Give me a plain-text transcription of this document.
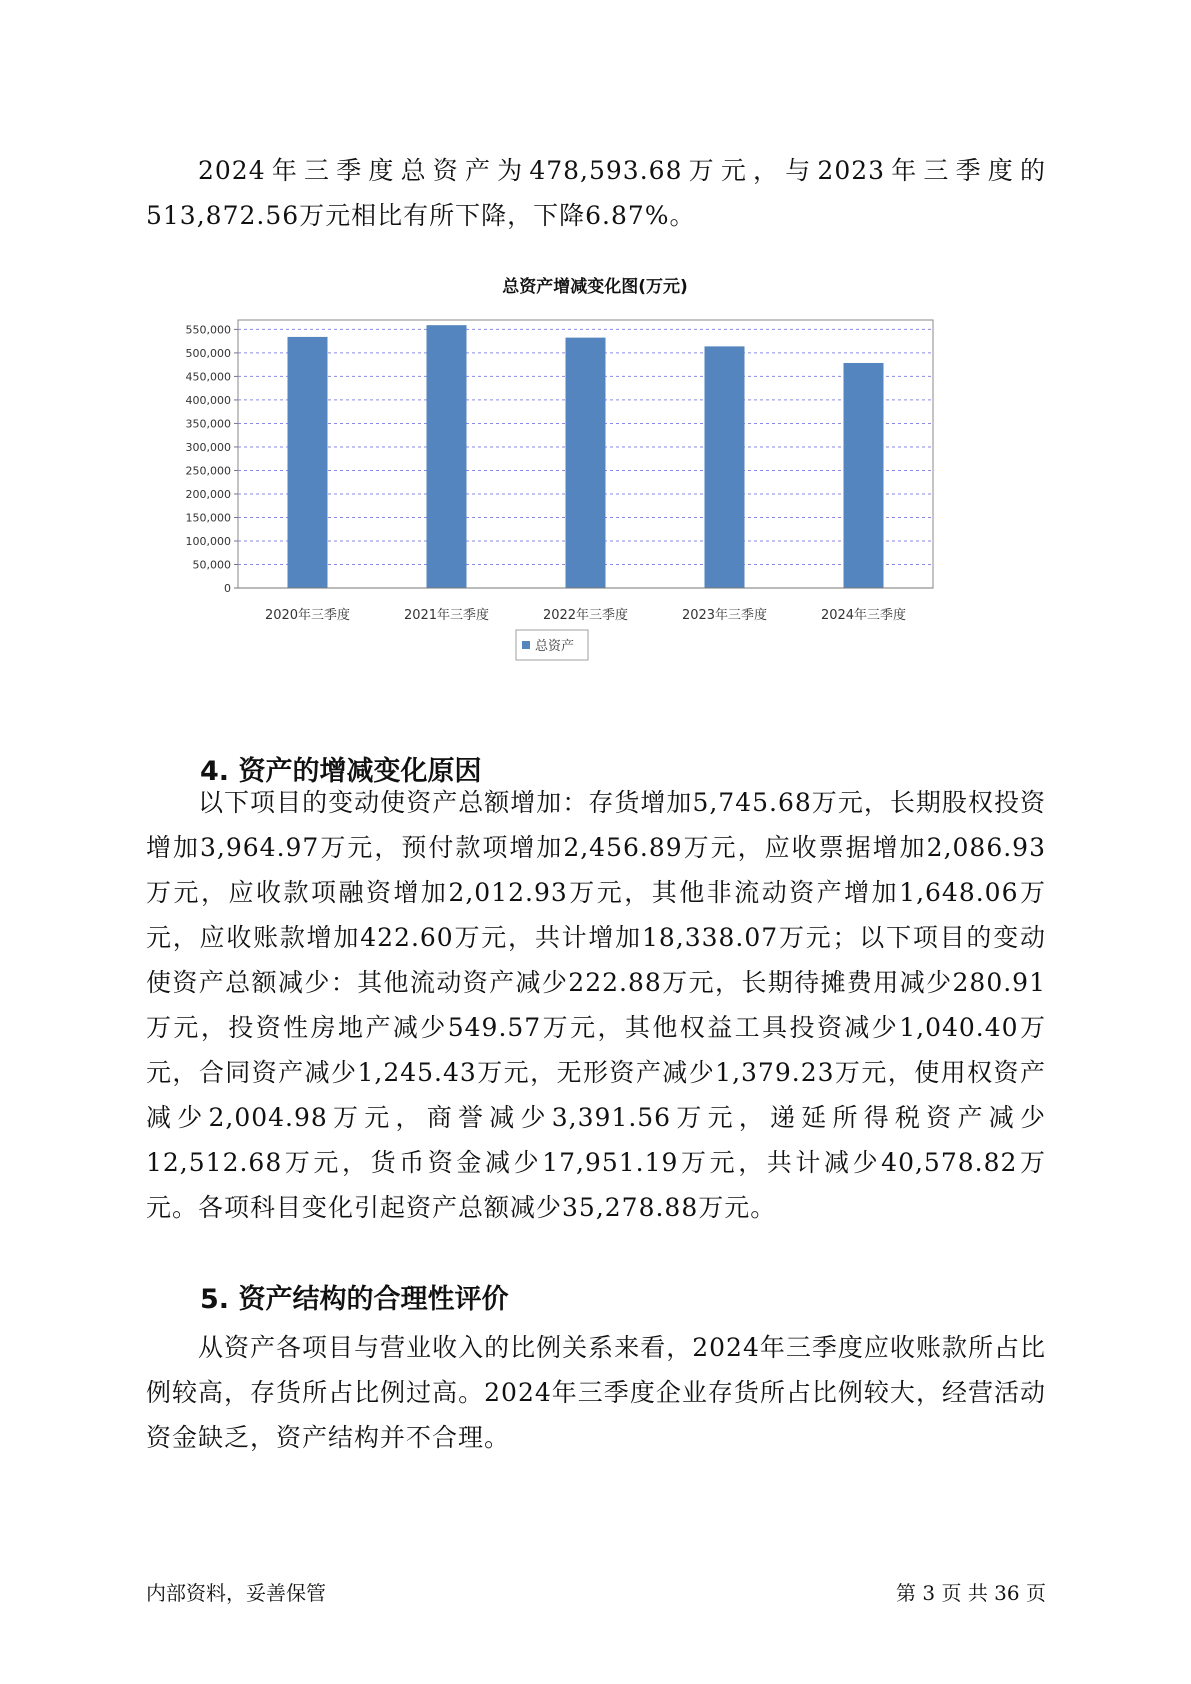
2024年三季度总资产为478,593.68万元，与2023年三季度的513,872.56万元相比有所下降，下降6.87%。

总资产增减变化图(万元)
0
50,000
100,000
150,000
200,000
250,000
300,000
350,000
400,000
450,000
500,000
550,000
2020年三季度	2021年三季度	2022年三季度	2023年三季度	2024年三季度
总资产
4. 资产的增减变化原因

以下项目的变动使资产总额增加：存货增加5,745.68万元，长期股权投资增加3,964.97万元，预付款项增加2,456.89万元，应收票据增加2,086.93万元，应收款项融资增加2,012.93万元，其他非流动资产增加1,648.06万元，应收账款增加422.60万元，共计增加18,338.07万元；以下项目的变动使资产总额减少：其他流动资产减少222.88万元，长期待摊费用减少280.91万元，投资性房地产减少549.57万元，其他权益工具投资减少1,040.40万元，合同资产减少1,245.43万元，无形资产减少1,379.23万元，使用权资产减少2,004.98万元，商誉减少3,391.56万元，递延所得税资产减少12,512.68万元，货币资金减少17,951.19万元，共计减少40,578.82万元。各项科目变化引起资产总额减少35,278.88万元。

5. 资产结构的合理性评价

从资产各项目与营业收入的比例关系来看，2024年三季度应收账款所占比例较高，存货所占比例过高。2024年三季度企业存货所占比例较大，经营活动资金缺乏，资产结构并不合理。

内部资料，妥善保管	第 3 页 共 36 页
